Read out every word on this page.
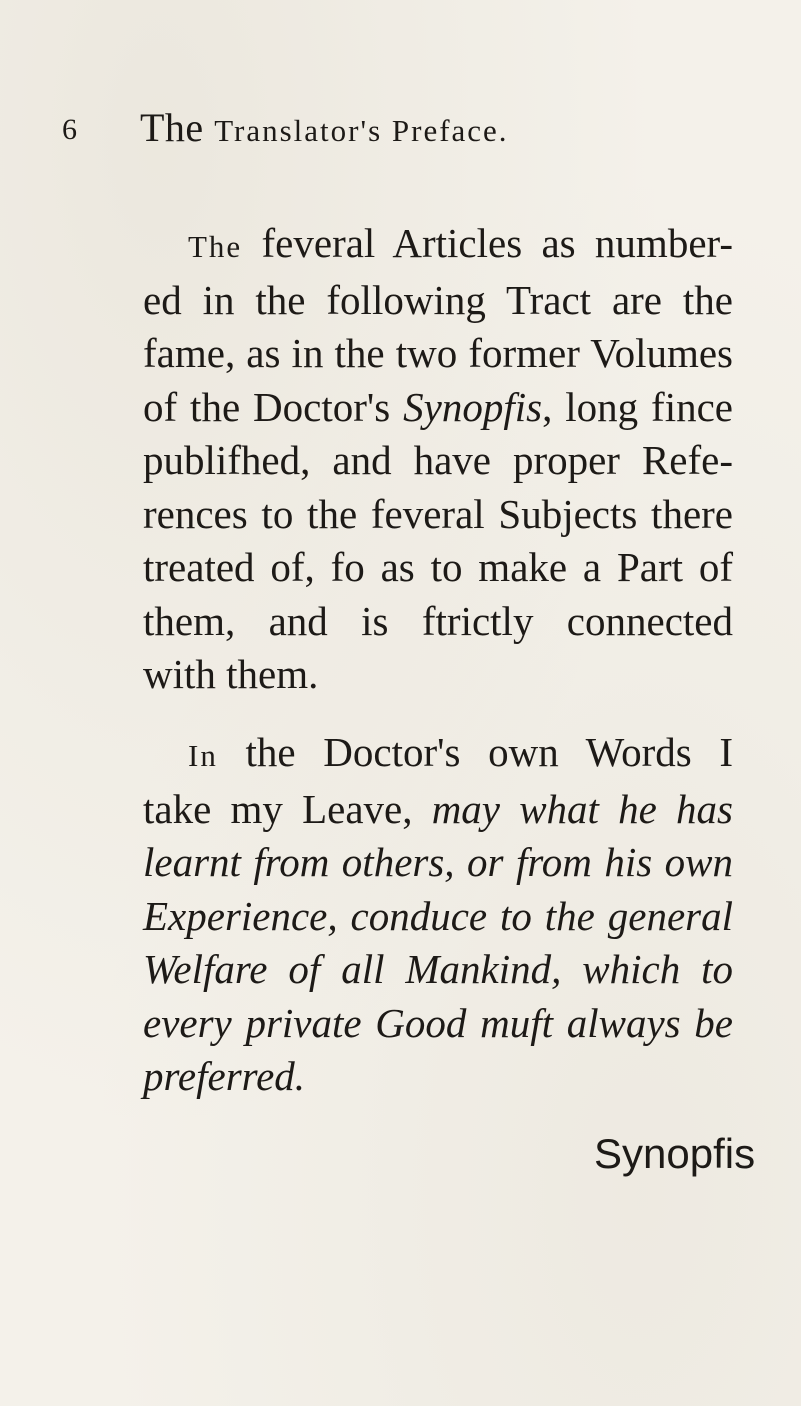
6 The Translator's Preface.

The feveral Articles as number-
ed in the following Tract are the
fame, as in the two former Volumes
of the Doctor's Synopfis, long fince
publifhed, and have proper Refe-
rences to the feveral Subjects there
treated of, fo as to make a Part of
them, and is ftrictly connected
with them.

In the Doctor's own Words I
take my Leave, may what he has
learnt from others, or from his own
Experience, conduce to the general
Welfare of all Mankind, which to
every private Good muft always be
preferred.

Synopfis
